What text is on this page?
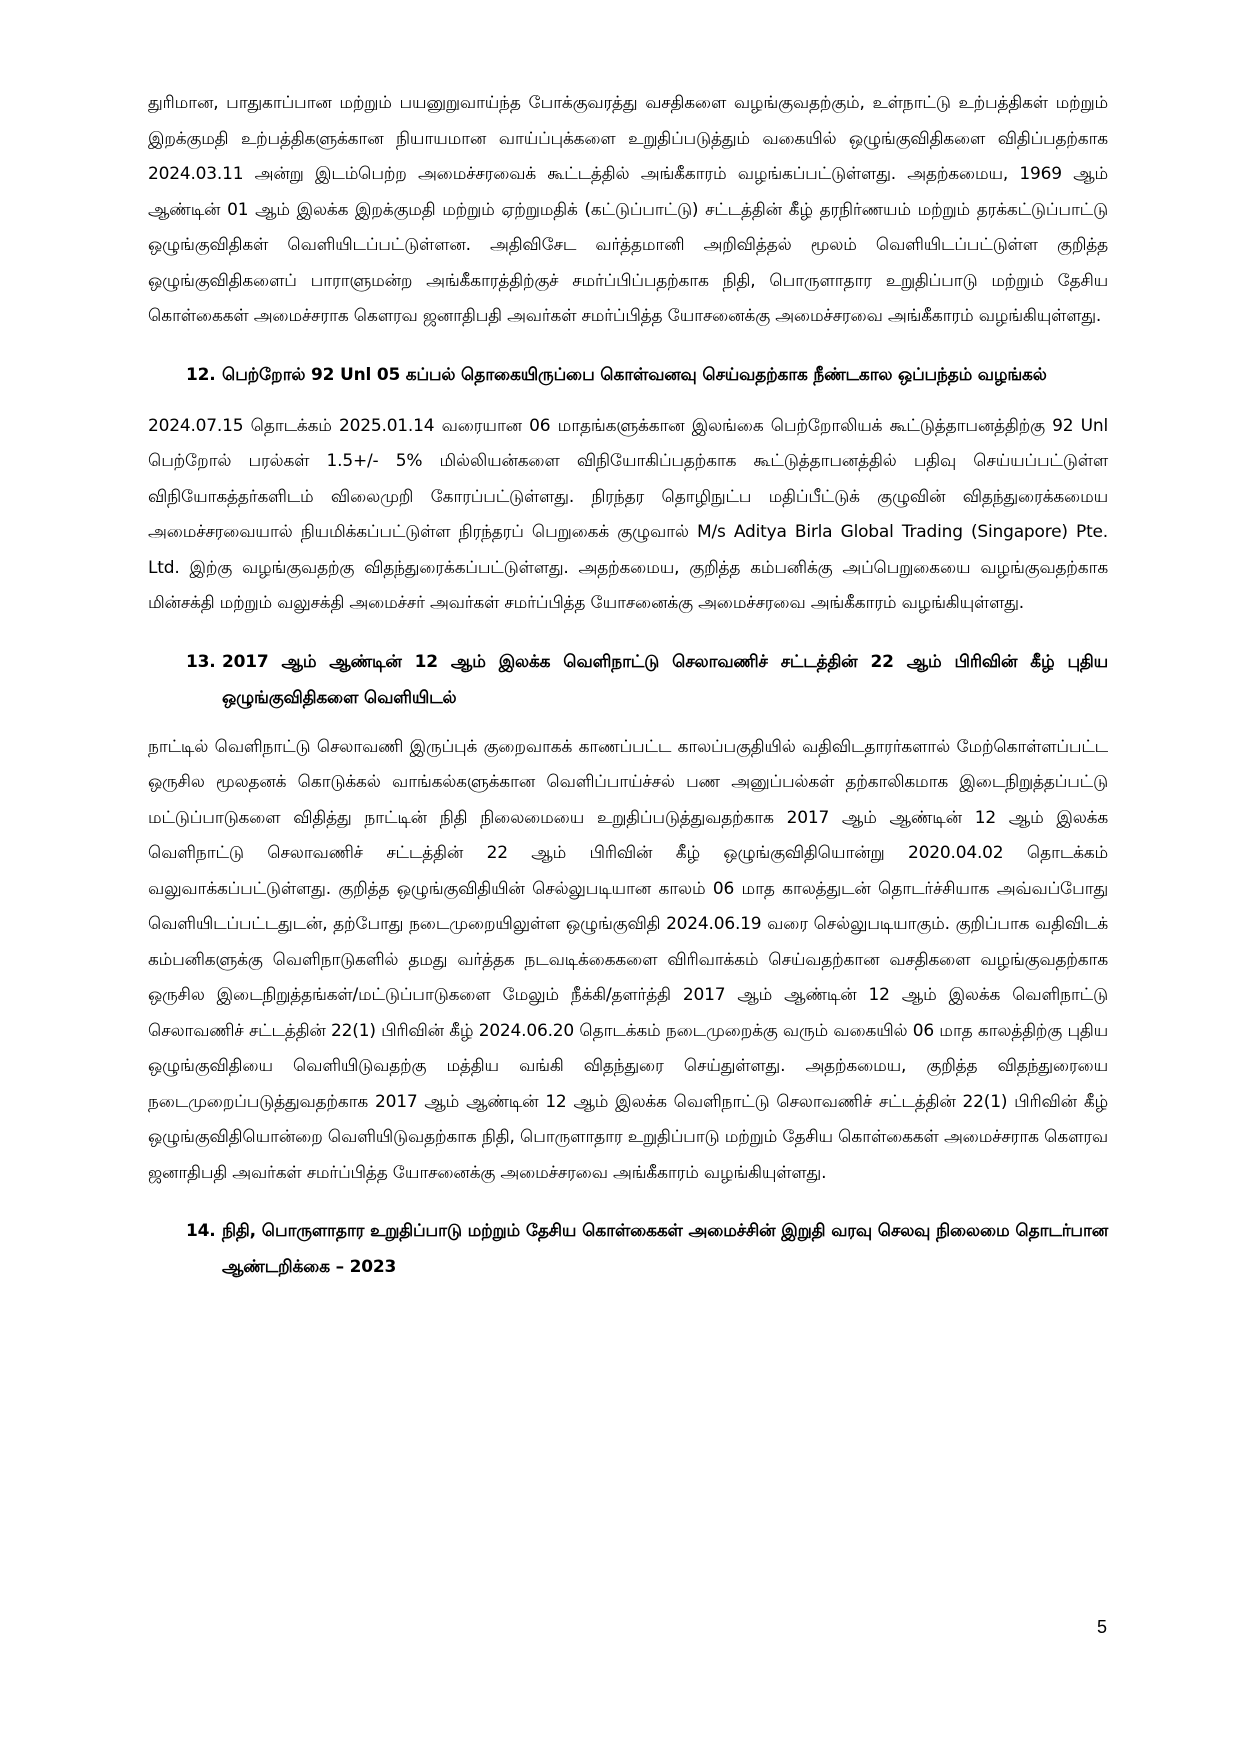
துரிமான, பாதுகாப்பான மற்றும் பயனுறுவாய்ந்த போக்குவரத்து வசதிகளை வழங்குவதற்கும், உள்நாட்டு உற்பத்திகள் மற்றும் இறக்குமதி உற்பத்திகளுக்கான நியாயமான வாய்ப்புக்களை உறுதிப்படுத்தும் வகையில் ஒழுங்குவிதிகளை விதிப்பதற்காக 2024.03.11 அன்று இடம்பெற்ற அமைச்சரவைக் கூட்டத்தில் அங்கீகாரம் வழங்கப்பட்டுள்ளது. அதற்கமைய, 1969 ஆம் ஆண்டின் 01 ஆம் இலக்க இறக்குமதி மற்றும் ஏற்றுமதிக் (கட்டுப்பாட்டு) சட்டத்தின் கீழ் தரநிர்ணயம் மற்றும் தரக்கட்டுப்பாட்டு ஒழுங்குவிதிகள் வெளியிடப்பட்டுள்ளன. அதிவிசேட வர்த்தமானி அறிவித்தல் மூலம் வெளியிடப்பட்டுள்ள குறித்த ஒழுங்குவிதிகளைப் பாராளுமன்ற அங்கீகாரத்திற்குச் சமர்ப்பிப்பதற்காக நிதி, பொருளாதார உறுதிப்பாடு மற்றும் தேசிய கொள்கைகள் அமைச்சராக கௌரவ ஜனாதிபதி அவர்கள் சமர்ப்பித்த யோசனைக்கு அமைச்சரவை அங்கீகாரம் வழங்கியுள்ளது.

12. பெற்றோல் 92 Unl 05 கப்பல் தொகையிருப்பை கொள்வனவு செய்வதற்காக நீண்டகால ஒப்பந்தம் வழங்கல்

2024.07.15 தொடக்கம் 2025.01.14 வரையான 06 மாதங்களுக்கான இலங்கை பெற்றோலியக் கூட்டுத்தாபனத்திற்கு 92 Unl பெற்றோல் பரல்கள் 1.5+/- 5% மில்லியன்களை விநியோகிப்பதற்காக கூட்டுத்தாபனத்தில் பதிவு செய்யப்பட்டுள்ள விநியோகத்தர்களிடம் விலைமுறி கோரப்பட்டுள்ளது. நிரந்தர தொழிநுட்ப மதிப்பீட்டுக் குழுவின் விதந்துரைக்கமைய அமைச்சரவையால் நியமிக்கப்பட்டுள்ள நிரந்தரப் பெறுகைக் குழுவால் M/s Aditya Birla Global Trading (Singapore) Pte. Ltd. இற்கு வழங்குவதற்கு விதந்துரைக்கப்பட்டுள்ளது. அதற்கமைய, குறித்த கம்பனிக்கு அப்பெறுகையை வழங்குவதற்காக மின்சக்தி மற்றும் வலுசக்தி அமைச்சர் அவர்கள் சமர்ப்பித்த யோசனைக்கு அமைச்சரவை அங்கீகாரம் வழங்கியுள்ளது.

13. 2017 ஆம் ஆண்டின் 12 ஆம் இலக்க வெளிநாட்டு செலாவணிச் சட்டத்தின் 22 ஆம் பிரிவின் கீழ் புதிய ஒழுங்குவிதிகளை வெளியிடல்

நாட்டில் வெளிநாட்டு செலாவணி இருப்புக் குறைவாகக் காணப்பட்ட காலப்பகுதியில் வதிவிடதாரர்களால் மேற்கொள்ளப்பட்ட ஒருசில மூலதனக் கொடுக்கல் வாங்கல்களுக்கான வெளிப்பாய்ச்சல் பண அனுப்பல்கள் தற்காலிகமாக இடைநிறுத்தப்பட்டு மட்டுப்பாடுகளை விதித்து நாட்டின் நிதி நிலைமையை உறுதிப்படுத்துவதற்காக 2017 ஆம் ஆண்டின் 12 ஆம் இலக்க வெளிநாட்டு செலாவணிச் சட்டத்தின் 22 ஆம் பிரிவின் கீழ் ஒழுங்குவிதியொன்று 2020.04.02 தொடக்கம் வலுவாக்கப்பட்டுள்ளது. குறித்த ஒழுங்குவிதியின் செல்லுபடியான காலம் 06 மாத காலத்துடன் தொடர்ச்சியாக அவ்வப்போது வெளியிடப்பட்டதுடன், தற்போது நடைமுறையிலுள்ள ஒழுங்குவிதி 2024.06.19 வரை செல்லுபடியாகும். குறிப்பாக வதிவிடக் கம்பனிகளுக்கு வெளிநாடுகளில் தமது வர்த்தக நடவடிக்கைகளை விரிவாக்கம் செய்வதற்கான வசதிகளை வழங்குவதற்காக ஒருசில இடைநிறுத்தங்கள்/மட்டுப்பாடுகளை மேலும் நீக்கி/தளர்த்தி 2017 ஆம் ஆண்டின் 12 ஆம் இலக்க வெளிநாட்டு செலாவணிச் சட்டத்தின் 22(1) பிரிவின் கீழ் 2024.06.20 தொடக்கம் நடைமுறைக்கு வரும் வகையில் 06 மாத காலத்திற்கு புதிய ஒழுங்குவிதியை வெளியிடுவதற்கு மத்திய வங்கி விதந்துரை செய்துள்ளது. அதற்கமைய, குறித்த விதந்துரையை நடைமுறைப்படுத்துவதற்காக 2017 ஆம் ஆண்டின் 12 ஆம் இலக்க வெளிநாட்டு செலாவணிச் சட்டத்தின் 22(1) பிரிவின் கீழ் ஒழுங்குவிதியொன்றை வெளியிடுவதற்காக நிதி, பொருளாதார உறுதிப்பாடு மற்றும் தேசிய கொள்கைகள் அமைச்சராக கௌரவ ஜனாதிபதி அவர்கள் சமர்ப்பித்த யோசனைக்கு அமைச்சரவை அங்கீகாரம் வழங்கியுள்ளது.

14. நிதி, பொருளாதார உறுதிப்பாடு மற்றும் தேசிய கொள்கைகள் அமைச்சின் இறுதி வரவு செலவு நிலைமை தொடர்பான ஆண்டறிக்கை – 2023
5
